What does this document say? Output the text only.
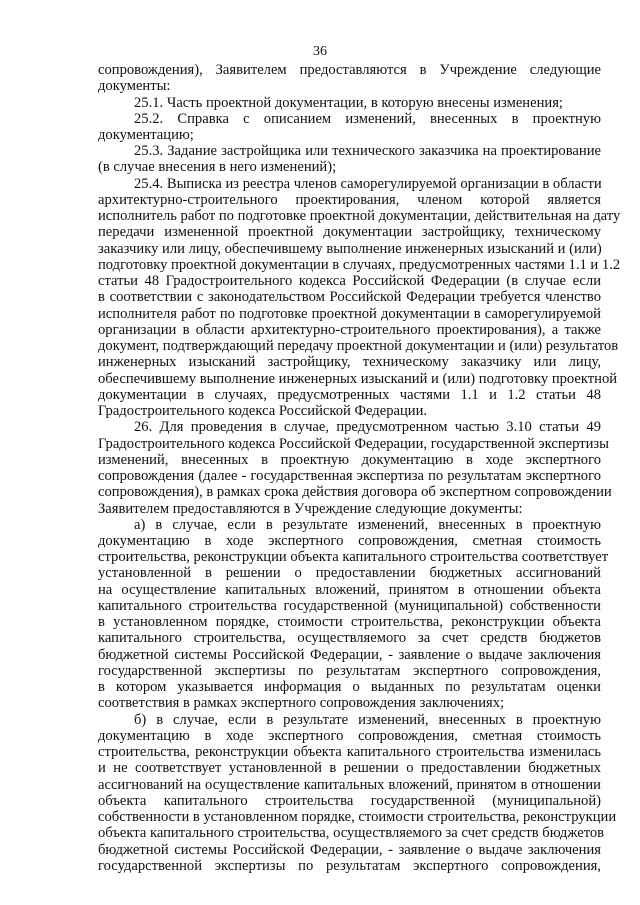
36
сопровождения), Заявителем предоставляются в Учреждение следующие
документы:
25.1. Часть проектной документации, в которую внесены изменения;
25.2. Справка с описанием изменений, внесенных в проектную
документацию;
25.3. Задание застройщика или технического заказчика на проектирование
(в случае внесения в него изменений);
25.4. Выписка из реестра членов саморегулируемой организации в области
архитектурно-строительного проектирования, членом которой является
исполнитель работ по подготовке проектной документации, действительная на дату
передачи измененной проектной документации застройщику, техническому
заказчику или лицу, обеспечившему выполнение инженерных изысканий и (или)
подготовку проектной документации в случаях, предусмотренных частями 1.1 и 1.2
статьи 48 Градостроительного кодекса Российской Федерации (в случае если
в соответствии с законодательством Российской Федерации требуется членство
исполнителя работ по подготовке проектной документации в саморегулируемой
организации в области архитектурно-строительного проектирования), а также
документ, подтверждающий передачу проектной документации и (или) результатов
инженерных изысканий застройщику, техническому заказчику или лицу,
обеспечившему выполнение инженерных изысканий и (или) подготовку проектной
документации в случаях, предусмотренных частями 1.1 и 1.2 статьи 48
Градостроительного кодекса Российской Федерации.
26. Для проведения в случае, предусмотренном частью 3.10 статьи 49
Градостроительного кодекса Российской Федерации, государственной экспертизы
изменений, внесенных в проектную документацию в ходе экспертного
сопровождения (далее - государственная экспертиза по результатам экспертного
сопровождения), в рамках срока действия договора об экспертном сопровождении
Заявителем предоставляются в Учреждение следующие документы:
а) в случае, если в результате изменений, внесенных в проектную
документацию в ходе экспертного сопровождения, сметная стоимость
строительства, реконструкции объекта капитального строительства соответствует
установленной в решении о предоставлении бюджетных ассигнований
на осуществление капитальных вложений, принятом в отношении объекта
капитального строительства государственной (муниципальной) собственности
в установленном порядке, стоимости строительства, реконструкции объекта
капитального строительства, осуществляемого за счет средств бюджетов
бюджетной системы Российской Федерации, - заявление о выдаче заключения
государственной экспертизы по результатам экспертного сопровождения,
в котором указывается информация о выданных по результатам оценки
соответствия в рамках экспертного сопровождения заключениях;
б) в случае, если в результате изменений, внесенных в проектную
документацию в ходе экспертного сопровождения, сметная стоимость
строительства, реконструкции объекта капитального строительства изменилась
и не соответствует установленной в решении о предоставлении бюджетных
ассигнований на осуществление капитальных вложений, принятом в отношении
объекта капитального строительства государственной (муниципальной)
собственности в установленном порядке, стоимости строительства, реконструкции
объекта капитального строительства, осуществляемого за счет средств бюджетов
бюджетной системы Российской Федерации, - заявление о выдаче заключения
государственной экспертизы по результатам экспертного сопровождения,
